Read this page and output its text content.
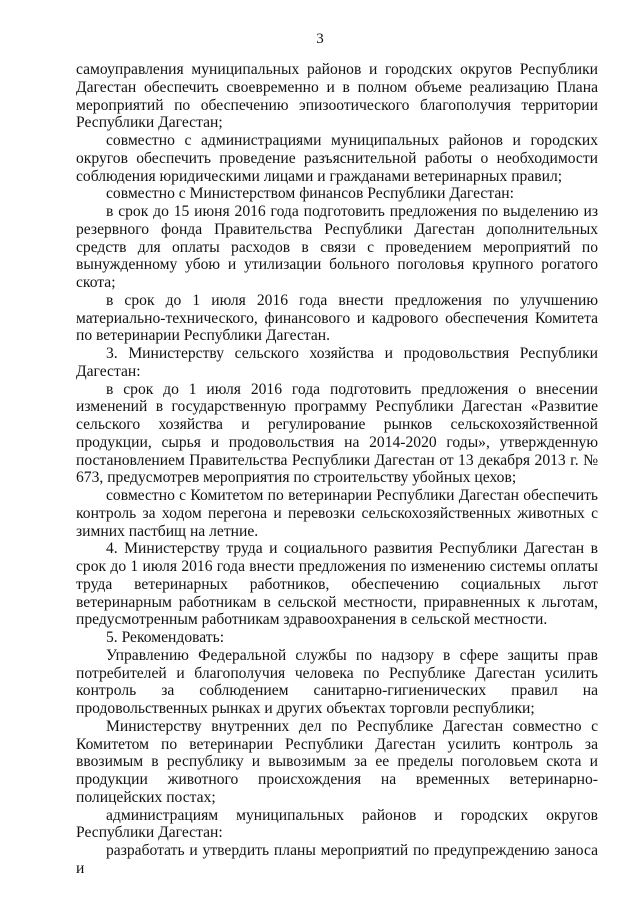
3

самоуправления муниципальных районов и городских округов Республики Дагестан обеспечить своевременно и в полном объеме реализацию Плана мероприятий по обеспечению эпизоотического благополучия территории Республики Дагестан;

совместно с администрациями муниципальных районов и городских округов обеспечить проведение разъяснительной работы о необходимости соблюдения юридическими лицами и гражданами ветеринарных правил;

совместно с Министерством финансов Республики Дагестан:

в срок до 15 июня 2016 года подготовить предложения по выделению из резервного фонда Правительства Республики Дагестан дополнительных средств для оплаты расходов в связи с проведением мероприятий по вынужденному убою и утилизации больного поголовья крупного рогатого скота;

в срок до 1 июля 2016 года внести предложения по улучшению материально-технического, финансового и кадрового обеспечения Комитета по ветеринарии Республики Дагестан.

3. Министерству сельского хозяйства и продовольствия Республики Дагестан:

в срок до 1 июля 2016 года подготовить предложения о внесении изменений в государственную программу Республики Дагестан «Развитие сельского хозяйства и регулирование рынков сельскохозяйственной продукции, сырья и продовольствия на 2014-2020 годы», утвержденную постановлением Правительства Республики Дагестан от 13 декабря 2013 г. № 673, предусмотрев мероприятия по строительству убойных цехов;

совместно с Комитетом по ветеринарии Республики Дагестан обеспечить контроль за ходом перегона и перевозки сельскохозяйственных животных с зимних пастбищ на летние.

4. Министерству труда и социального развития Республики Дагестан в срок до 1 июля 2016 года внести предложения по изменению системы оплаты труда ветеринарных работников, обеспечению социальных льгот ветеринарным работникам в сельской местности, приравненных к льготам, предусмотренным работникам здравоохранения в сельской местности.

5. Рекомендовать:

Управлению Федеральной службы по надзору в сфере защиты прав потребителей и благополучия человека по Республике Дагестан усилить контроль за соблюдением санитарно-гигиенических правил на продовольственных рынках и других объектах торговли республики;

Министерству внутренних дел по Республике Дагестан совместно с Комитетом по ветеринарии Республики Дагестан усилить контроль за ввозимым в республику и вывозимым за ее пределы поголовьем скота и продукции животного происхождения на временных ветеринарно-полицейских постах;

администрациям муниципальных районов и городских округов Республики Дагестан:

разработать и утвердить планы мероприятий по предупреждению заноса и
